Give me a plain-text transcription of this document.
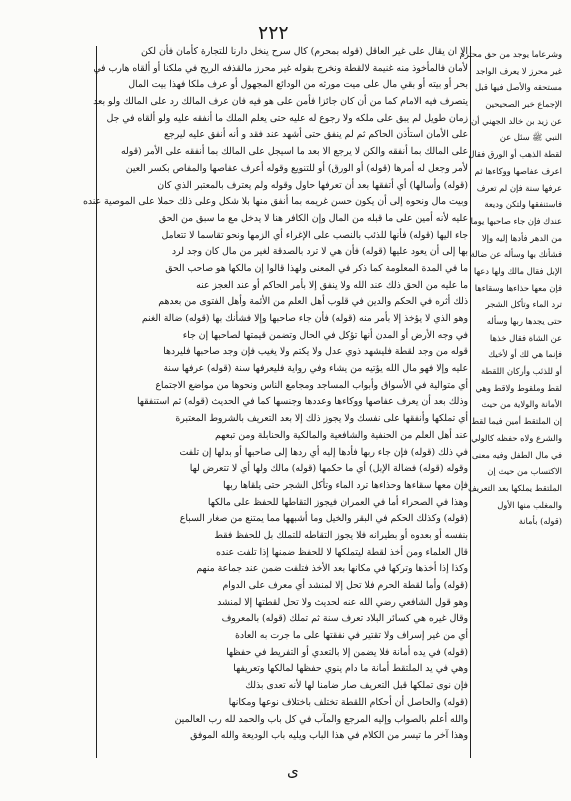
٢٢٢

الا ان يقال على غير العاقل (قوله بمحرم) كال سرح ينخل دارنا للتجارة كأمان فأن لكن

لأمان فالمأخوذ منه غنيمة لالقطة ونخرج بقوله غير محرز مالقذفه الريح في ملكنا أو ألقاه هارب في

بحر أو بيته أو بقي مال على ميت مورثه من الودائع المجهول أو عرف ملكا فهذا بيت المال

يتصرف فيه الامام كما من أن كان جائزا فأمن على هو فيه فان عرف المالك رد على المالك ولو بعد

زمان طويل لم يبق على ملكه ولا رجوع له عليه حتى يعلم الملك ما أنفقه عليه ولو ألقاه في جل

على الأمان استأذن الحاكم ثم لم ينفق حتى أشهد عند فقد و أنه أنفق عليه ليرجع

على المالك بما أنفقه والكن لا يرجع الا بعد ما اسيجل على المالك بما أنفقه على الأمر (قوله

لأمر وجعل له أمرها (قوله) أو الورق) أو للتنويع وقوله أعرف عفاصها والمفاص بكسر العين

(قوله) وأسالها) أي أتفقها بعد أن تعرفها حاول وقوله ولم يعترف بالمعتبر الذي كان

وبيت مال ونحوه إلى أن يكون حسن غريمه بما أنفق منها بلا شكل وعلى ذلك حملا على الموصية عنده

عليه لأنه أمين على ما قبله من المال وإن الكافر هنا لا يدخل مع ما سبق من الحق

جاء اليها (قوله) فأنها للذئب بالنصب على الإغراء أي الزمها ونحو تقاسما لا تتعامل

بها إلى أن يعود عليها (قوله) فأن هي لا ترد بالصدقة لغير من مال كان وجد لرد

ما في المدة المعلومة كما ذكر في المعنى ولهذا قالوا إن مالكها هو صاحب الحق

ما عليه من الحق ذلك عند الله ولا ينفق إلا بأمر الحاكم أو عند العجز عنه

ذلك أثره في الحكم والدين في قلوب أهل العلم من الأئمة وأهل الفتوى من بعدهم

وهو الذي لا يؤخذ إلا بأمر منه (قوله) فأن جاء صاحبها وإلا فشأنك بها (قوله) ضالة الغنم

في وجه الأرض أو المدن أنها تؤكل في الحال وتضمن قيمتها لصاحبها إن جاء

قوله من وجد لقطة فليشهد ذوي عدل ولا يكتم ولا يغيب فإن وجد صاحبها فليردها

عليه وإلا فهو مال الله يؤتيه من يشاء وفي رواية فليعرفها سنة (قوله) عرفها سنة

أي متوالية في الأسواق وأبواب المساجد ومجامع الناس ونحوها من مواضع الاجتماع

وذلك بعد أن يعرف عفاصها ووكاءها وعددها وجنسها كما في الحديث (قوله) ثم استنفقها

أي تملكها وأنفقها على نفسك ولا يجوز ذلك إلا بعد التعريف بالشروط المعتبرة

عند أهل العلم من الحنفية والشافعية والمالكية والحنابلة ومن تبعهم

في ذلك (قوله) فإن جاء ربها فأدها إليه أي ردها إلى صاحبها أو بدلها إن تلفت

وقوله (قوله) فضالة الإبل) أي ما حكمها (قوله) مالك ولها أي لا تتعرض لها

فإن معها سقاءها وحذاءها ترد الماء وتأكل الشجر حتى يلقاها ربها

وهذا في الصحراء أما في العمران فيجوز التقاطها للحفظ على مالكها

(قوله) وكذلك الحكم في البقر والخيل وما أشبهها مما يمتنع من صغار السباع

بنفسه أو بعدوه أو بطيرانه فلا يجوز التقاطه للتملك بل للحفظ فقط

قال العلماء ومن أخذ لقطة ليتملكها لا للحفظ ضمنها إذا تلفت عنده

وكذا إذا أخذها وتركها في مكانها بعد الأخذ فتلفت ضمن عند جماعة منهم

(قوله) وأما لقطة الحرم فلا تحل إلا لمنشد أي معرف على الدوام

وهو قول الشافعي رضي الله عنه لحديث ولا تحل لقطتها إلا لمنشد

وقال غيره هي كسائر البلاد تعرف سنة ثم تملك (قوله) بالمعروف

أي من غير إسراف ولا تقتير في نفقتها على ما جرت به العادة

(قوله) في يده أمانة فلا يضمن إلا بالتعدي أو التفريط في حفظها

وهي في يد الملتقط أمانة ما دام ينوي حفظها لمالكها وتعريفها

فإن نوى تملكها قبل التعريف صار ضامنا لها لأنه تعدى بذلك

(قوله) والحاصل أن أحكام اللقطة تختلف باختلاف نوعها ومكانها

والله أعلم بالصواب وإليه المرجع والمآب في كل باب والحمد لله رب العالمين

وهذا آخر ما تيسر من الكلام في هذا الباب ويليه باب الوديعة والله الموفق

وشرعاما يوجد من حق محترم

غير محرز لا يعرف الواجد

مستحقه والأصل فيها قبل

الإجماع خبر الصحيحين

عن زيد بن خالد الجهني أن

النبي ﷺ سئل عن

لقطة الذهب أو الورق فقال

اعرف عفاصها ووكاءها ثم

عرفها سنة فإن لم تعرف

فاستنفقها ولتكن وديعة

عندك فإن جاء صاحبها يوما

من الدهر فأدها إليه وإلا

فشأنك بها وسأله عن ضالة

الإبل فقال مالك ولها دعها

فإن معها حذاءها وسقاءها

ترد الماء وتأكل الشجر

حتى يجدها ربها وسأله

عن الشاة فقال خذها

فإنما هي لك أو لأخيك

أو للذئب وأركان اللقطة

لقط وملقوط ولاقط وهي

الأمانة والولاية من حيث

إن الملتقط أمين فيما لقط

والشرع ولاه حفظه كالولي

في مال الطفل وفيه معنى

الاكتساب من حيث إن

الملتقط يملكها بعد التعريف

والمغلب منها الأول

(قوله) بأمانة

ى
